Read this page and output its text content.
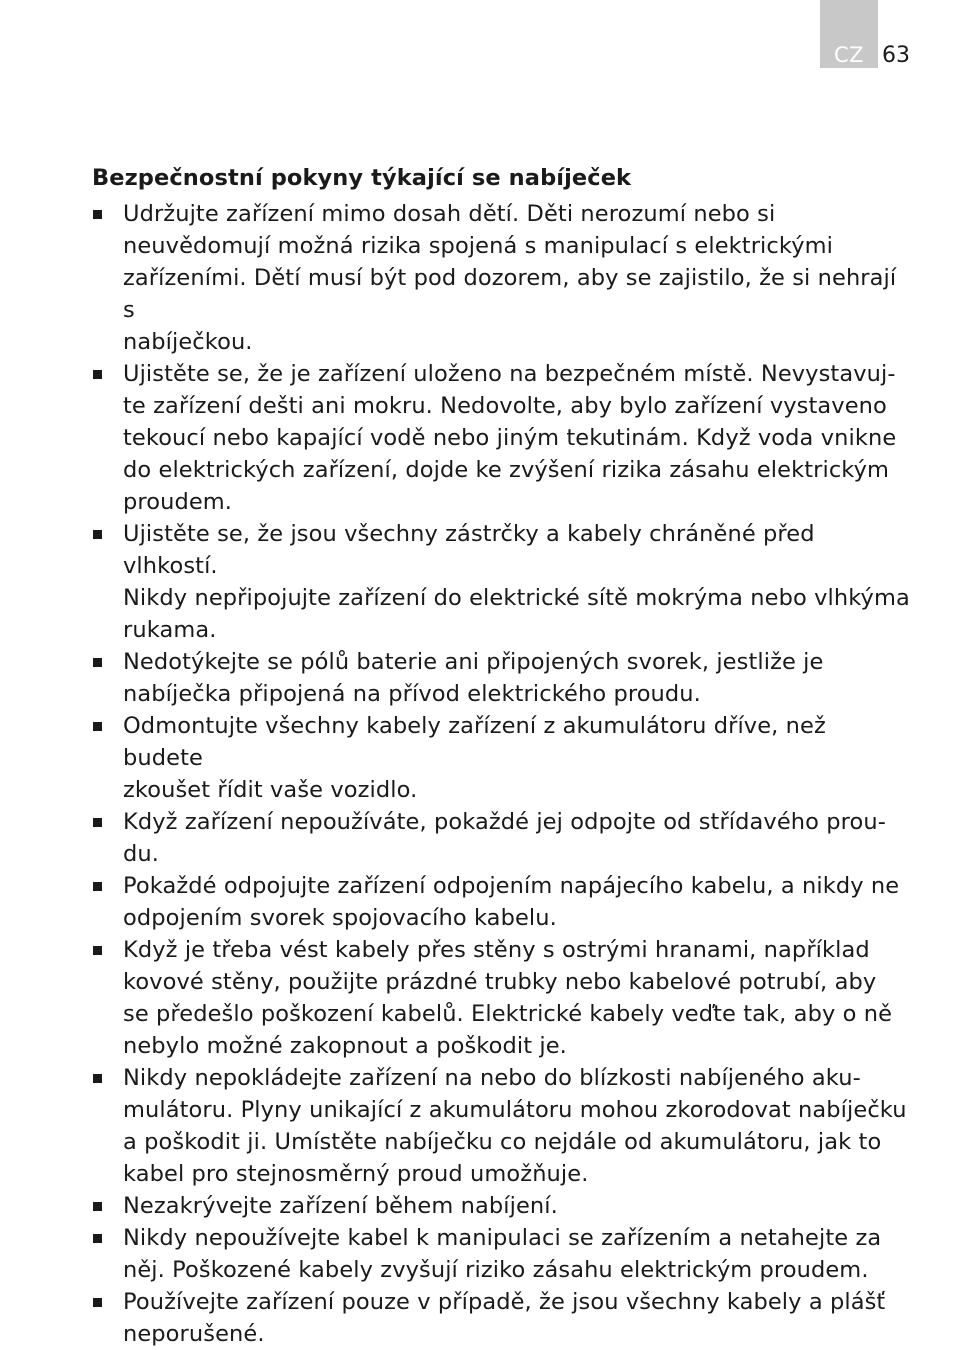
CZ 63
Bezpečnostní pokyny týkající se nabíječek
Udržujte zařízení mimo dosah dětí. Děti nerozumí nebo si
neuvědomují možná rizika spojená s manipulací s elektrickými
zařízeními. Dětí musí být pod dozorem, aby se zajistilo, že si nehrají s
nabíječkou.
Ujistěte se, že je zařízení uloženo na bezpečném místě. Nevystavuj-
te zařízení dešti ani mokru. Nedovolte, aby bylo zařízení vystaveno
tekoucí nebo kapající vodě nebo jiným tekutinám. Když voda vnikne
do elektrických zařízení, dojde ke zvýšení rizika zásahu elektrickým
proudem.
Ujistěte se, že jsou všechny zástrčky a kabely chráněné před vlhkostí.
Nikdy nepřipojujte zařízení do elektrické sítě mokrýma nebo vlhkýma
rukama.
Nedotýkejte se pólů baterie ani připojených svorek, jestliže je
nabíječka připojená na přívod elektrického proudu.
Odmontujte všechny kabely zařízení z akumulátoru dříve, než budete
zkoušet řídit vaše vozidlo.
Když zařízení nepoužíváte, pokaždé jej odpojte od střídavého prou-
du.
Pokaždé odpojujte zařízení odpojením napájecího kabelu, a nikdy ne
odpojením svorek spojovacího kabelu.
Když je třeba vést kabely přes stěny s ostrými hranami, například
kovové stěny, použijte prázdné trubky nebo kabelové potrubí, aby
se předešlo poškození kabelů. Elektrické kabely veďte tak, aby o ně
nebylo možné zakopnout a poškodit je.
Nikdy nepokládejte zařízení na nebo do blízkosti nabíjeného aku-
mulátoru. Plyny unikající z akumulátoru mohou zkorodovat nabíječku
a poškodit ji. Umístěte nabíječku co nejdále od akumulátoru, jak to
kabel pro stejnosměrný proud umožňuje.
Nezakrývejte zařízení během nabíjení.
Nikdy nepoužívejte kabel k manipulaci se zařízením a netahejte za
něj. Poškozené kabely zvyšují riziko zásahu elektrickým proudem.
Používejte zařízení pouze v případě, že jsou všechny kabely a plášť
neporušené.
